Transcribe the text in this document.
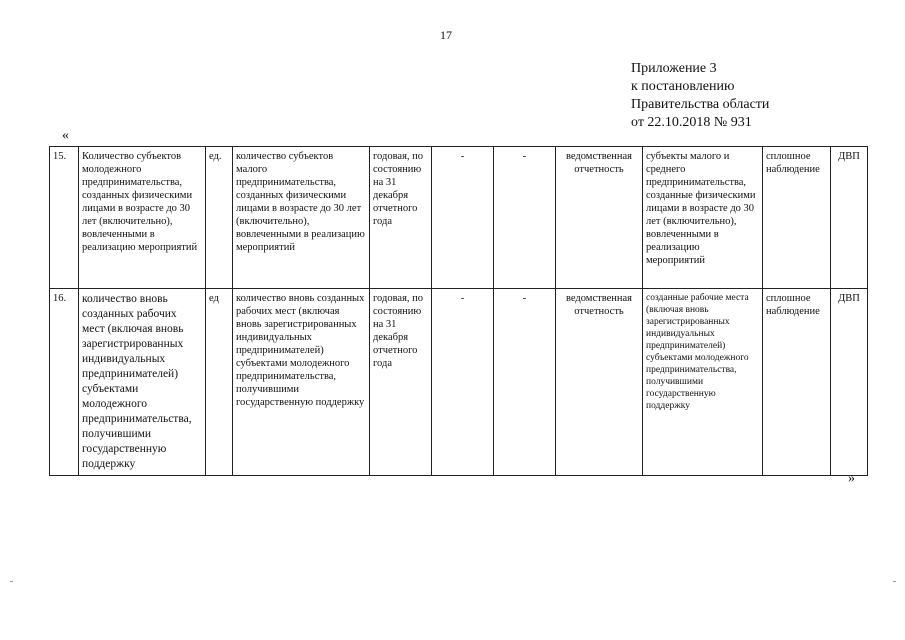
17
Приложение 3
к постановлению
Правительства области
от 22.10.2018 № 931
«
15.	Количество субъектов молодежного предпринимательства, созданных физическими лицами в возрасте до 30 лет (включительно), вовлеченными в реализацию мероприятий	ед.	количество субъектов малого предпринимательства, созданных физическими лицами в возрасте до 30 лет (включительно), вовлеченными в реализацию мероприятий	годовая, по состоянию на 31 декабря отчетного года	-	-	ведомственная отчетность	субъекты малого и среднего предпринимательства, созданные физическими лицами в возрасте до 30 лет (включительно), вовлеченными в реализацию мероприятий	сплошное наблюдение	ДВП
16.	количество вновь созданных рабочих мест (включая вновь зарегистрированных индивидуальных предпринимателей) субъектами молодежного предпринимательства, получившими государственную поддержку	ед	количество вновь созданных рабочих мест (включая вновь зарегистрированных индивидуальных предпринимателей) субъектами молодежного предпринимательства, получившими государственную поддержку	годовая, по состоянию на 31 декабря отчетного года	-	-	ведомственная отчетность	созданные рабочие места (включая вновь зарегистрированных индивидуальных предпринимателей) субъектами молодежного предпринимательства, получившими государственную поддержку	сплошное наблюдение	ДВП
»
